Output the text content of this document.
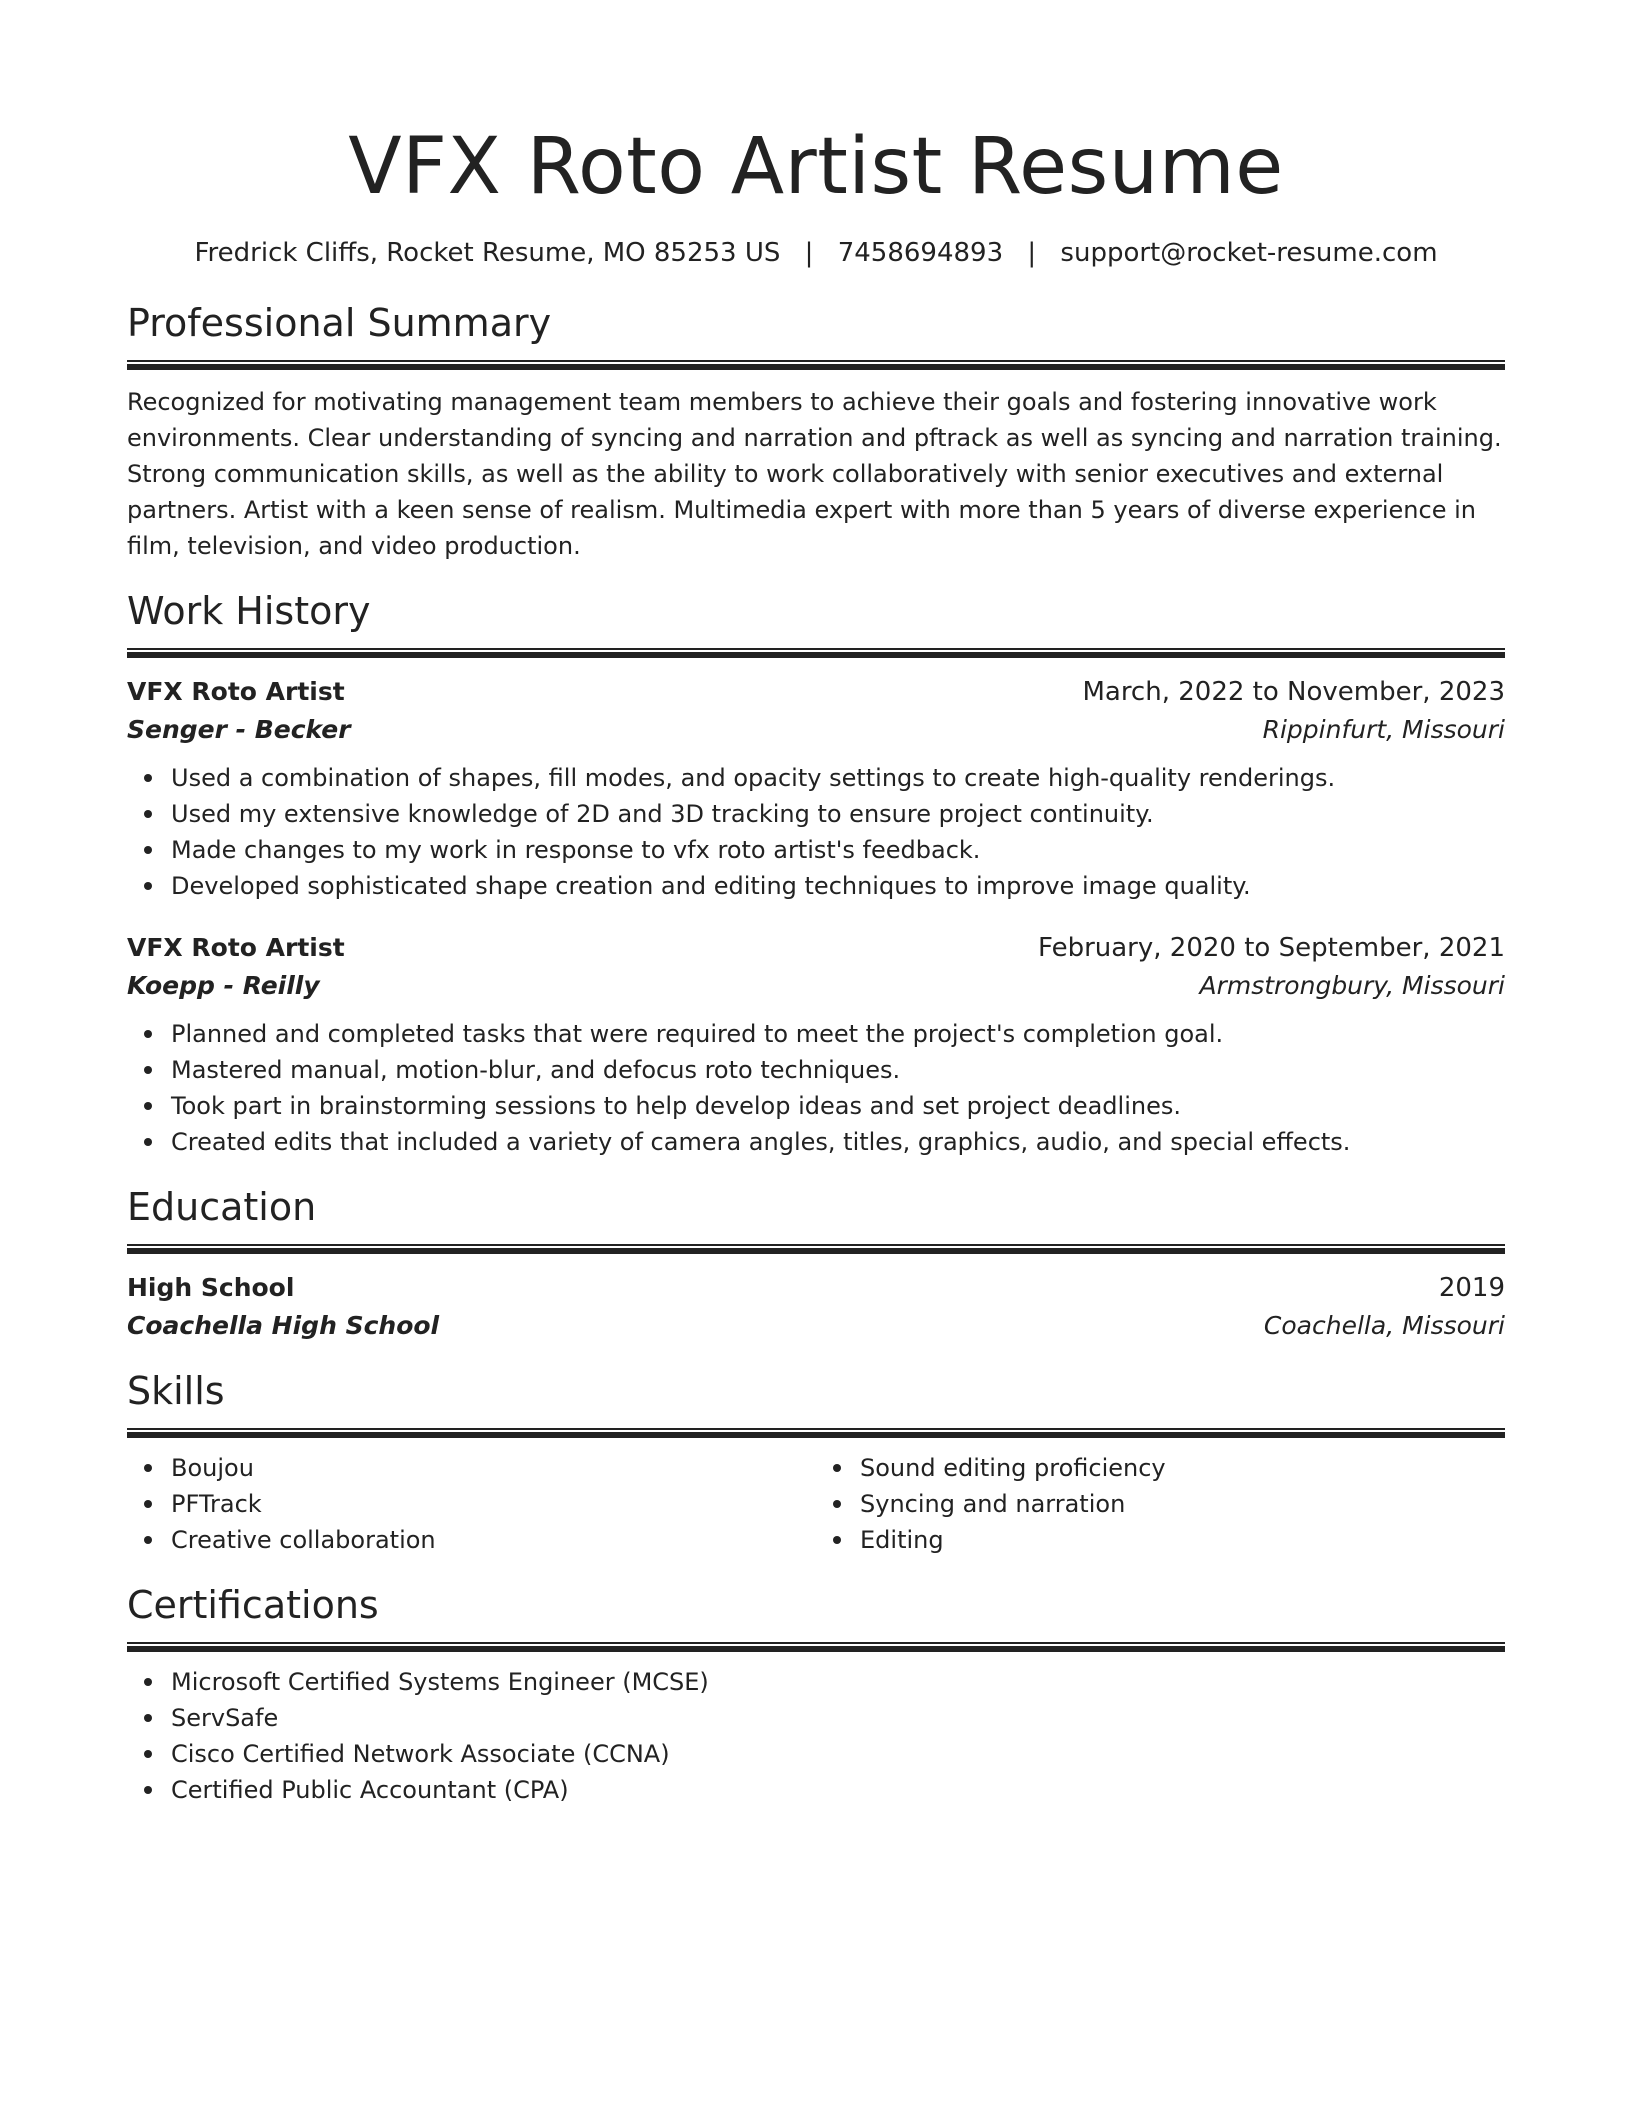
VFX Roto Artist Resume
Fredrick Cliffs, Rocket Resume, MO 85253 US | 7458694893 | support@rocket-resume.com
Professional Summary

Recognized for motivating management team members to achieve their goals and fostering innovative work environments. Clear understanding of syncing and narration and pftrack as well as syncing and narration training. Strong communication skills, as well as the ability to work collaboratively with senior executives and external partners. Artist with a keen sense of realism. Multimedia expert with more than 5 years of diverse experience in film, television, and video production.

Work History
VFX Roto Artist	March, 2022 to November, 2023
Senger - Becker	Rippinfurt, Missouri
Used a combination of shapes, fill modes, and opacity settings to create high-quality renderings.
Used my extensive knowledge of 2D and 3D tracking to ensure project continuity.
Made changes to my work in response to vfx roto artist's feedback.
Developed sophisticated shape creation and editing techniques to improve image quality.
VFX Roto Artist	February, 2020 to September, 2021
Koepp - Reilly	Armstrongbury, Missouri
Planned and completed tasks that were required to meet the project's completion goal.
Mastered manual, motion-blur, and defocus roto techniques.
Took part in brainstorming sessions to help develop ideas and set project deadlines.
Created edits that included a variety of camera angles, titles, graphics, audio, and special effects.
Education
High School	2019
Coachella High School	Coachella, Missouri
Skills
Boujou
PFTrack
Creative collaboration
Sound editing proficiency
Syncing and narration
Editing
Certifications
Microsoft Certified Systems Engineer (MCSE)
ServSafe
Cisco Certified Network Associate (CCNA)
Certified Public Accountant (CPA)
